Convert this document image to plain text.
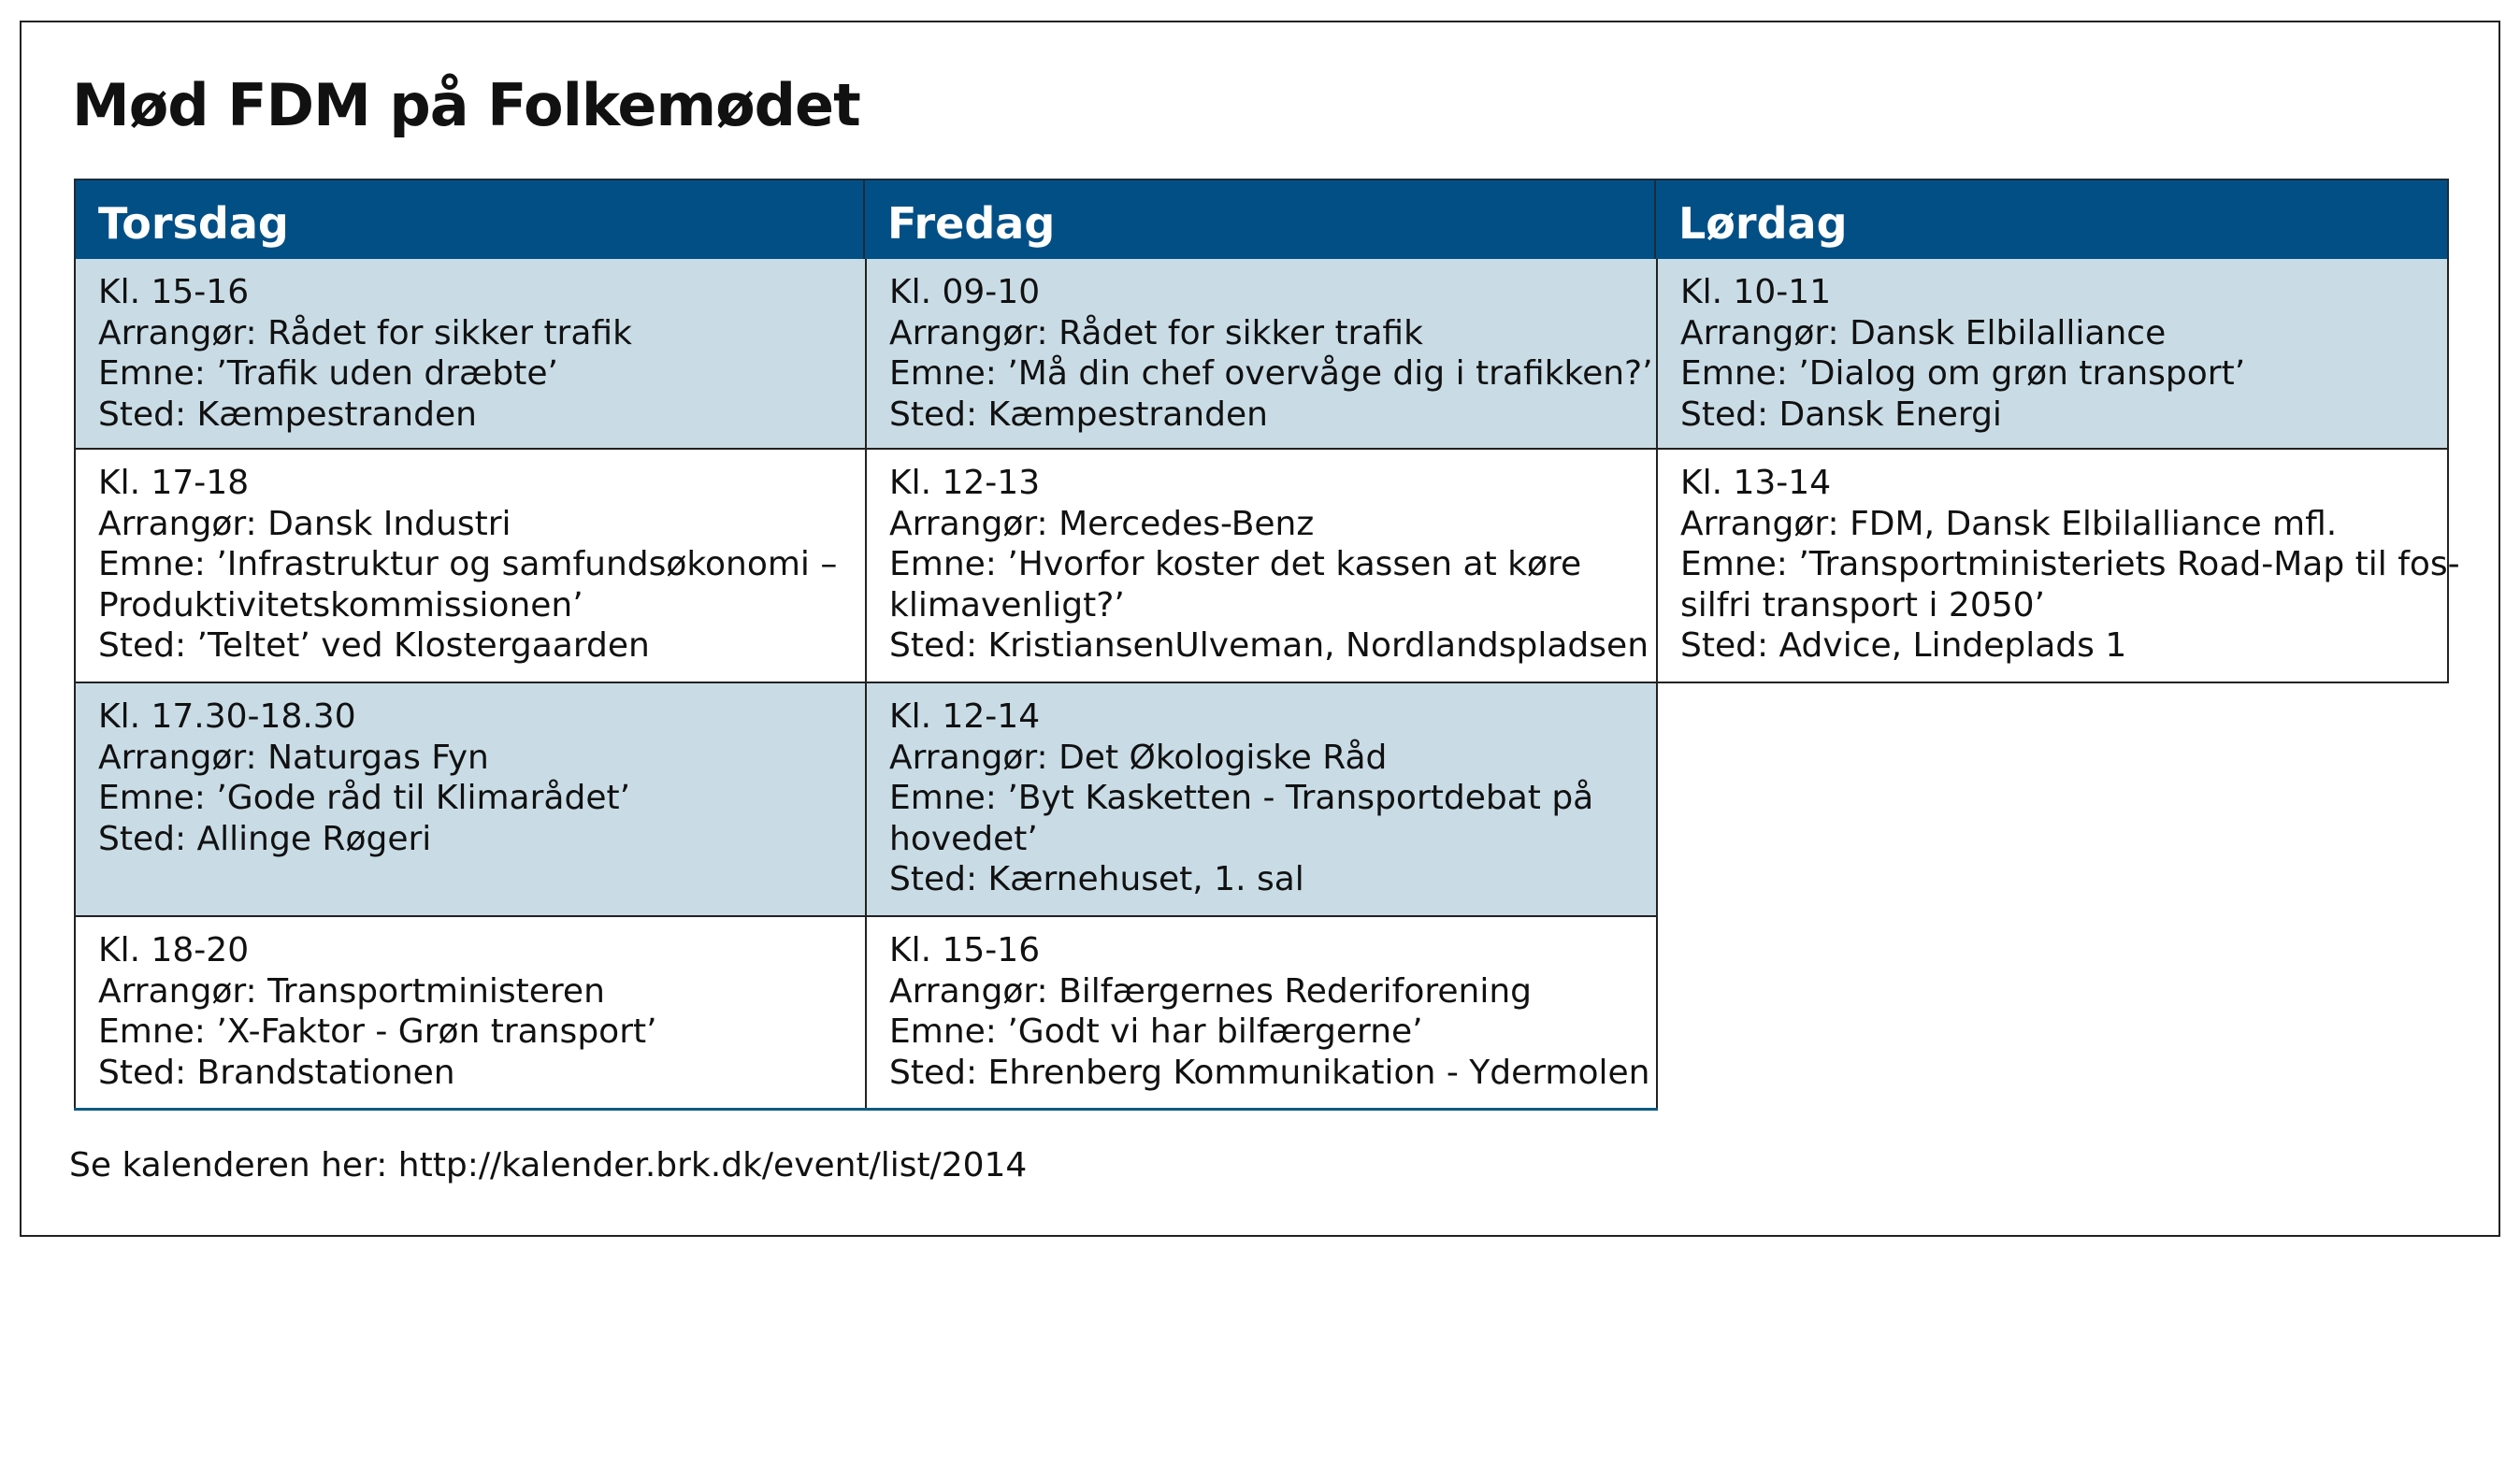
Mød FDM på Folkemødet
Torsdag	Fredag	Lørdag
Kl. 15-16
Arrangør: Rådet for sikker trafik
Emne: ’Trafik uden dræbte’
Sted: Kæmpestranden
Kl. 17-18
Arrangør: Dansk Industri
Emne: ’Infrastruktur og samfundsøkonomi –
Produktivitetskommissionen’
Sted: ’Teltet’ ved Klostergaarden
Kl. 17.30-18.30
Arrangør: Naturgas Fyn
Emne: ’Gode råd til Klimarådet’
Sted: Allinge Røgeri
Kl. 18-20
Arrangør: Transportministeren
Emne: ’X-Faktor - Grøn transport’
Sted: Brandstationen
Kl. 09-10
Arrangør: Rådet for sikker trafik
Emne: ’Må din chef overvåge dig i trafikken?’
Sted: Kæmpestranden
Kl. 12-13
Arrangør: Mercedes-Benz
Emne: ’Hvorfor koster det kassen at køre
klimavenligt?’
Sted: KristiansenUlveman, Nordlandspladsen
Kl. 12-14
Arrangør: Det Økologiske Råd
Emne: ’Byt Kasketten - Transportdebat på
hovedet’
Sted: Kærnehuset, 1. sal
Kl. 15-16
Arrangør: Bilfærgernes Rederiforening
Emne: ’Godt vi har bilfærgerne’
Sted: Ehrenberg Kommunikation - Ydermolen
Kl. 10-11
Arrangør: Dansk Elbilalliance
Emne: ’Dialog om grøn transport’
Sted: Dansk Energi
Kl. 13-14
Arrangør: FDM, Dansk Elbilalliance mfl.
Emne: ’Transportministeriets Road-Map til fos-
silfri transport i 2050’
Sted: Advice, Lindeplads 1
Se kalenderen her: http://kalender.brk.dk/event/list/2014
